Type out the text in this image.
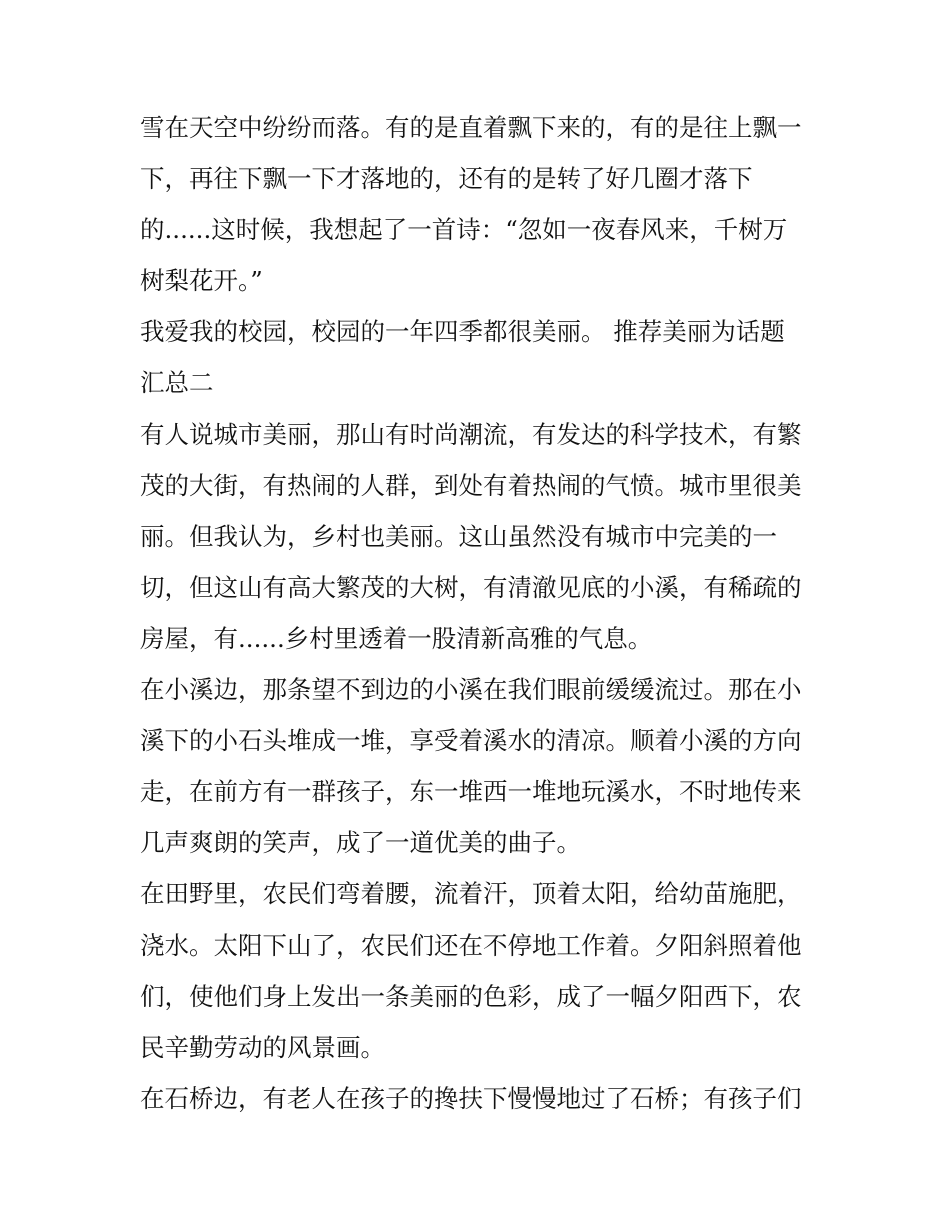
雪在天空中纷纷而落。有的是直着飘下来的，有的是往上飘一
下，再往下飘一下才落地的，还有的是转了好几圈才落下
的......这时候，我想起了一首诗：“忽如一夜春风来，千树万
树梨花开。”
我爱我的校园，校园的一年四季都很美丽。 推荐美丽为话题
汇总二
有人说城市美丽，那山有时尚潮流，有发达的科学技术，有繁
茂的大街，有热闹的人群，到处有着热闹的气愤。城市里很美
丽。但我认为，乡村也美丽。这山虽然没有城市中完美的一
切，但这山有高大繁茂的大树，有清澈见底的小溪，有稀疏的
房屋，有......乡村里透着一股清新高雅的气息。
在小溪边，那条望不到边的小溪在我们眼前缓缓流过。那在小
溪下的小石头堆成一堆，享受着溪水的清凉。顺着小溪的方向
走，在前方有一群孩子，东一堆西一堆地玩溪水，不时地传来
几声爽朗的笑声，成了一道优美的曲子。
在田野里，农民们弯着腰，流着汗，顶着太阳，给幼苗施肥，
浇水。太阳下山了，农民们还在不停地工作着。夕阳斜照着他
们，使他们身上发出一条美丽的色彩，成了一幅夕阳西下，农
民辛勤劳动的风景画。
在石桥边，有老人在孩子的搀扶下慢慢地过了石桥；有孩子们
